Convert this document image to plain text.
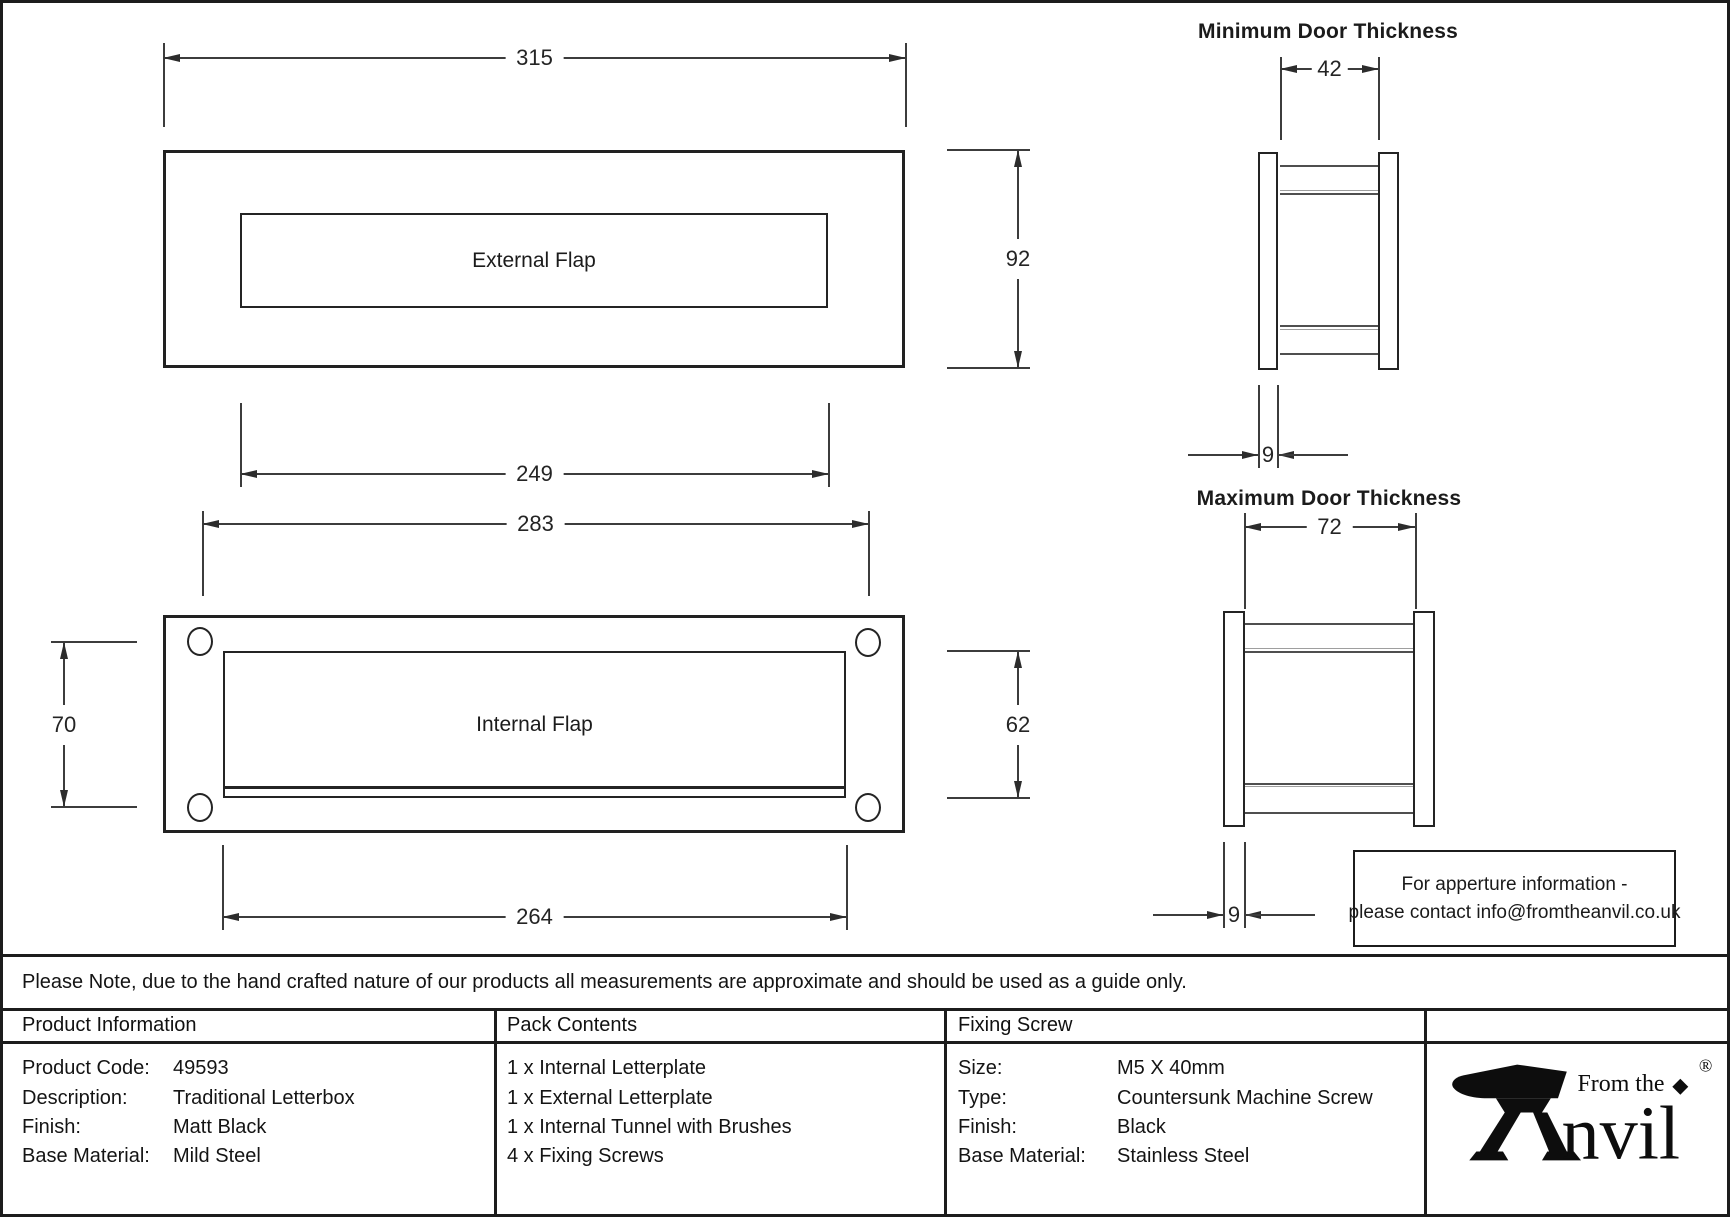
315
External Flap	92
249
283
Internal Flap
70	62
264
Minimum Door Thickness
42
9
Maximum Door Thickness
72
9
For apperture information -
please contact info@fromtheanvil.co.uk
Please Note, due to the hand crafted nature of our products all measurements are approximate and should be used as a guide only.
Product Information	Pack Contents	Fixing Screw
Product Code: 49593
Description: Traditional Letterbox
Finish:	Matt Black
Base Material: Mild Steel
1 x Internal Letterplate
1 x External Letterplate
1 x Internal Tunnel with Brushes
4 x Fixing Screws
Size:	M5 X 40mm
Type:	Countersunk Machine Screw
Finish:	Black
Base Material: Stainless Steel
From the
nvil
®
